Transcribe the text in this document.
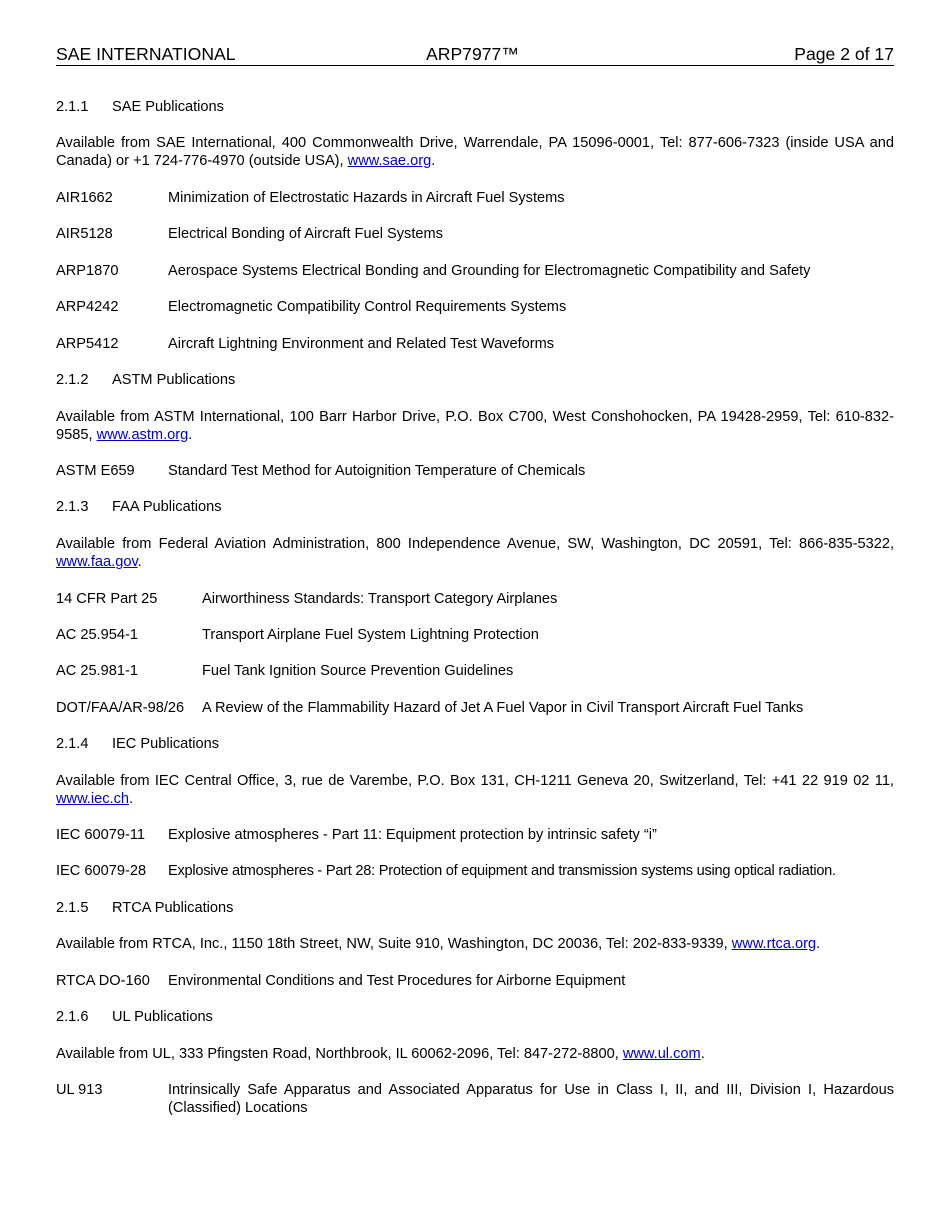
SAE INTERNATIONAL	ARP7977™	Page 2 of 17
2.1.1 SAE Publications
Available from SAE International, 400 Commonwealth Drive, Warrendale, PA 15096-0001, Tel: 877-606-7323 (inside USA and Canada) or +1 724-776-4970 (outside USA), www.sae.org.
AIR1662	Minimization of Electrostatic Hazards in Aircraft Fuel Systems
AIR5128	Electrical Bonding of Aircraft Fuel Systems
ARP1870	Aerospace Systems Electrical Bonding and Grounding for Electromagnetic Compatibility and Safety
ARP4242	Electromagnetic Compatibility Control Requirements Systems
ARP5412	Aircraft Lightning Environment and Related Test Waveforms
2.1.2 ASTM Publications
Available from ASTM International, 100 Barr Harbor Drive, P.O. Box C700, West Conshohocken, PA 19428-2959, Tel: 610-832-9585, www.astm.org.
ASTM E659	Standard Test Method for Autoignition Temperature of Chemicals
2.1.3 FAA Publications
Available from Federal Aviation Administration, 800 Independence Avenue, SW, Washington, DC 20591, Tel: 866-835-5322, www.faa.gov.
14 CFR Part 25	Airworthiness Standards: Transport Category Airplanes
AC 25.954-1	Transport Airplane Fuel System Lightning Protection
AC 25.981-1	Fuel Tank Ignition Source Prevention Guidelines
DOT/FAA/AR-98/26	A Review of the Flammability Hazard of Jet A Fuel Vapor in Civil Transport Aircraft Fuel Tanks
2.1.4 IEC Publications
Available from IEC Central Office, 3, rue de Varembe, P.O. Box 131, CH-1211 Geneva 20, Switzerland, Tel: +41 22 919 02 11, www.iec.ch.
IEC 60079-11	Explosive atmospheres - Part 11: Equipment protection by intrinsic safety “i”
IEC 60079-28	Explosive atmospheres - Part 28: Protection of equipment and transmission systems using optical radiation.
2.1.5 RTCA Publications
Available from RTCA, Inc., 1150 18th Street, NW, Suite 910, Washington, DC 20036, Tel: 202-833-9339, www.rtca.org.
RTCA DO-160	Environmental Conditions and Test Procedures for Airborne Equipment
2.1.6 UL Publications
Available from UL, 333 Pfingsten Road, Northbrook, IL 60062-2096, Tel: 847-272-8800, www.ul.com.
UL 913	Intrinsically Safe Apparatus and Associated Apparatus for Use in Class I, II, and III, Division I, Hazardous (Classified) Locations
